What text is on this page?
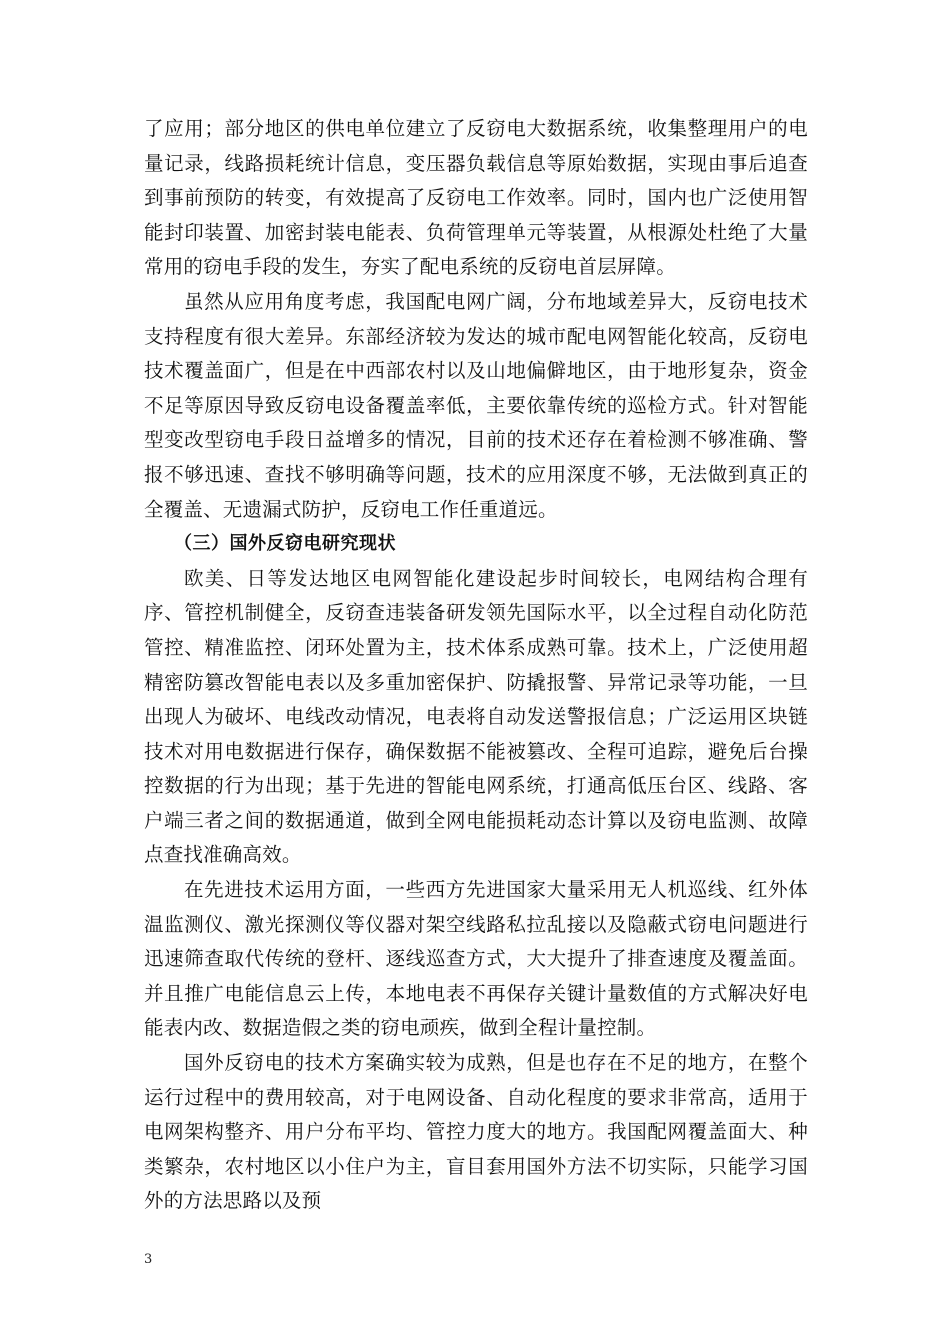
了应用；部分地区的供电单位建立了反窃电大数据系统，收集整理用户的电量记录，线路损耗统计信息，变压器负载信息等原始数据，实现由事后追查到事前预防的转变，有效提高了反窃电工作效率。同时，国内也广泛使用智能封印装置、加密封装电能表、负荷管理单元等装置，从根源处杜绝了大量常用的窃电手段的发生，夯实了配电系统的反窃电首层屏障。

虽然从应用角度考虑，我国配电网广阔，分布地域差异大，反窃电技术支持程度有很大差异。东部经济较为发达的城市配电网智能化较高，反窃电技术覆盖面广，但是在中西部农村以及山地偏僻地区，由于地形复杂，资金不足等原因导致反窃电设备覆盖率低，主要依靠传统的巡检方式。针对智能型变改型窃电手段日益增多的情况，目前的技术还存在着检测不够准确、警报不够迅速、查找不够明确等问题，技术的应用深度不够，无法做到真正的全覆盖、无遗漏式防护，反窃电工作任重道远。

（三）国外反窃电研究现状

欧美、日等发达地区电网智能化建设起步时间较长，电网结构合理有序、管控机制健全，反窃查违装备研发领先国际水平，以全过程自动化防范管控、精准监控、闭环处置为主，技术体系成熟可靠。技术上，广泛使用超精密防篡改智能电表以及多重加密保护、防撬报警、异常记录等功能，一旦出现人为破坏、电线改动情况，电表将自动发送警报信息；广泛运用区块链技术对用电数据进行保存，确保数据不能被篡改、全程可追踪，避免后台操控数据的行为出现；基于先进的智能电网系统，打通高低压台区、线路、客户端三者之间的数据通道，做到全网电能损耗动态计算以及窃电监测、故障点查找准确高效。

在先进技术运用方面，一些西方先进国家大量采用无人机巡线、红外体温监测仪、激光探测仪等仪器对架空线路私拉乱接以及隐蔽式窃电问题进行迅速筛查取代传统的登杆、逐线巡查方式，大大提升了排查速度及覆盖面。并且推广电能信息云上传，本地电表不再保存关键计量数值的方式解决好电能表内改、数据造假之类的窃电顽疾，做到全程计量控制。

国外反窃电的技术方案确实较为成熟，但是也存在不足的地方，在整个运行过程中的费用较高，对于电网设备、自动化程度的要求非常高，适用于电网架构整齐、用户分布平均、管控力度大的地方。我国配网覆盖面大、种类繁杂，农村地区以小住户为主，盲目套用国外方法不切实际，只能学习国外的方法思路以及预

3
